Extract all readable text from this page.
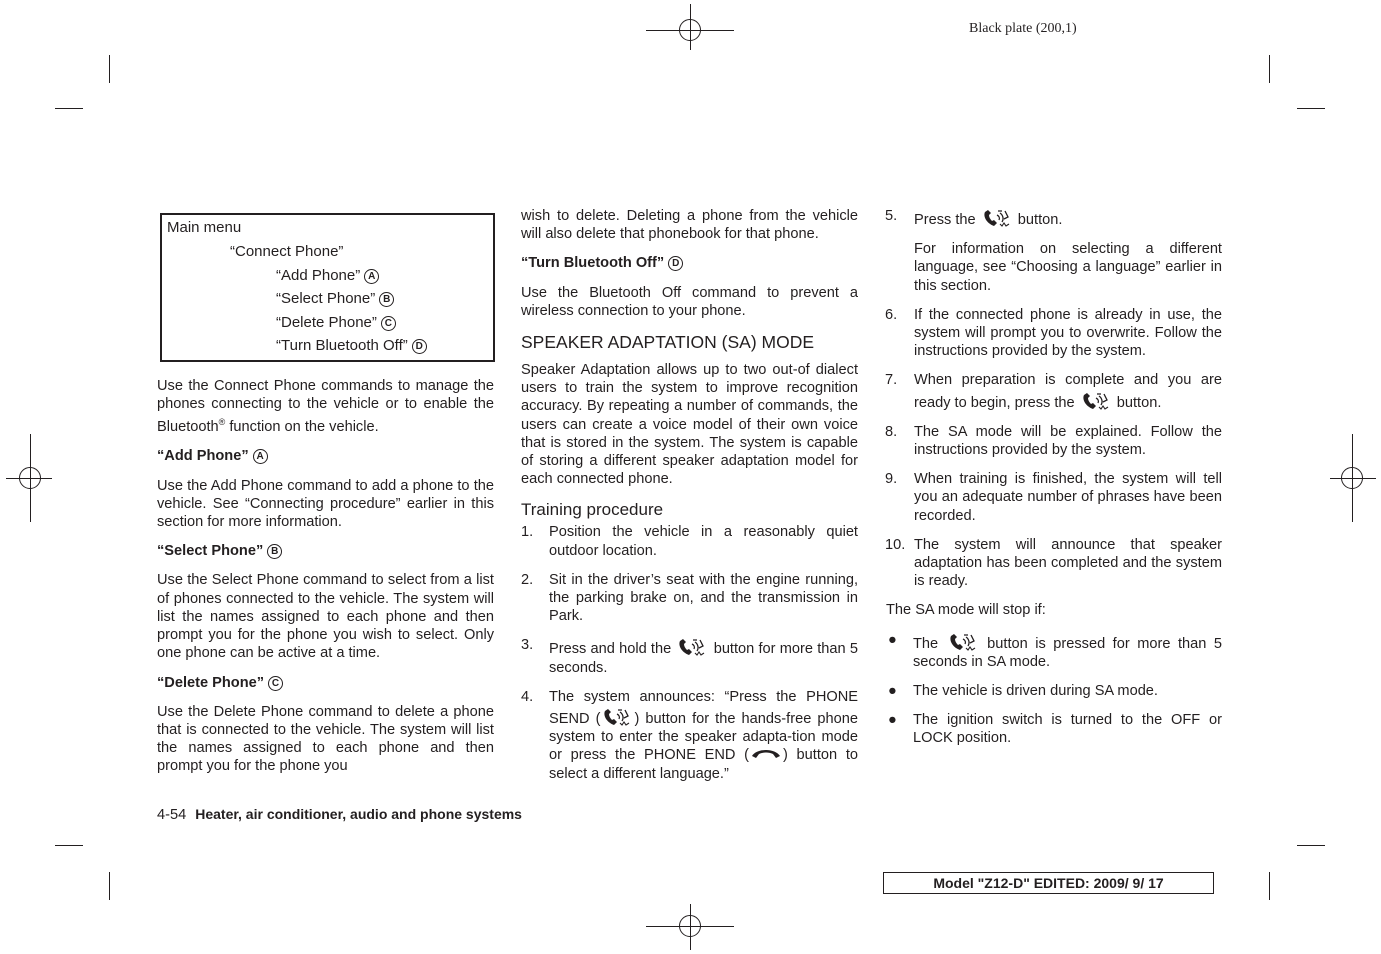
Black plate (200,1)
Main menu
“Connect Phone”
“Add Phone” A
“Select Phone” B
“Delete Phone” C
“Turn Bluetooth Off” D

Use the Connect Phone commands to manage the phones connecting to the vehicle or to enable the Bluetooth® function on the vehicle.

“Add Phone” A

Use the Add Phone command to add a phone to the vehicle. See “Connecting procedure” earlier in this section for more information.

“Select Phone” B

Use the Select Phone command to select from a list of phones connected to the vehicle. The system will list the names assigned to each phone and then prompt you for the phone you wish to select. Only one phone can be active at a time.

“Delete Phone” C

Use the Delete Phone command to delete a phone that is connected to the vehicle. The system will list the names assigned to each phone and then prompt you for the phone you

wish to delete. Deleting a phone from the vehicle will also delete that phonebook for that phone.

“Turn Bluetooth Off” D

Use the Bluetooth Off command to prevent a wireless connection to your phone.

SPEAKER ADAPTATION (SA) MODE

Speaker Adaptation allows up to two out-of dialect users to train the system to improve recognition accuracy. By repeating a number of commands, the users can create a voice model of their own voice that is stored in the system. The system is capable of storing a different speaker adaptation model for each connected phone.

Training procedure
1. Position the vehicle in a reasonably quiet outdoor location.
2. Sit in the driver’s seat with the engine running, the parking brake on, and the transmission in Park.
3. Press and hold the	button for more than 5 seconds.
4. The system announces: “Press the PHONE SEND ( ) button for the hands-free phone system to enter the speaker adapta-tion mode or press the PHONE END ( ) button to select a different language.”
5. Press the	button.

For information on selecting a different language, see “Choosing a language” earlier in this section.

6. If the connected phone is already in use, the system will prompt you to overwrite. Follow the instructions provided by the system.
7. When preparation is complete and you are ready to begin, press the	button.
8. The SA mode will be explained. Follow the instructions provided by the system.
9. When training is finished, the system will tell you an adequate number of phrases have been recorded.
10. The system will announce that speaker adaptation has been completed and the system is ready.

The SA mode will stop if:

● The	button is pressed for more than 5 seconds in SA mode.
● The vehicle is driven during SA mode.
● The ignition switch is turned to the OFF or LOCK position.
4-54 Heater, air conditioner, audio and phone systems
Model "Z12-D" EDITED: 2009/ 9/ 17
